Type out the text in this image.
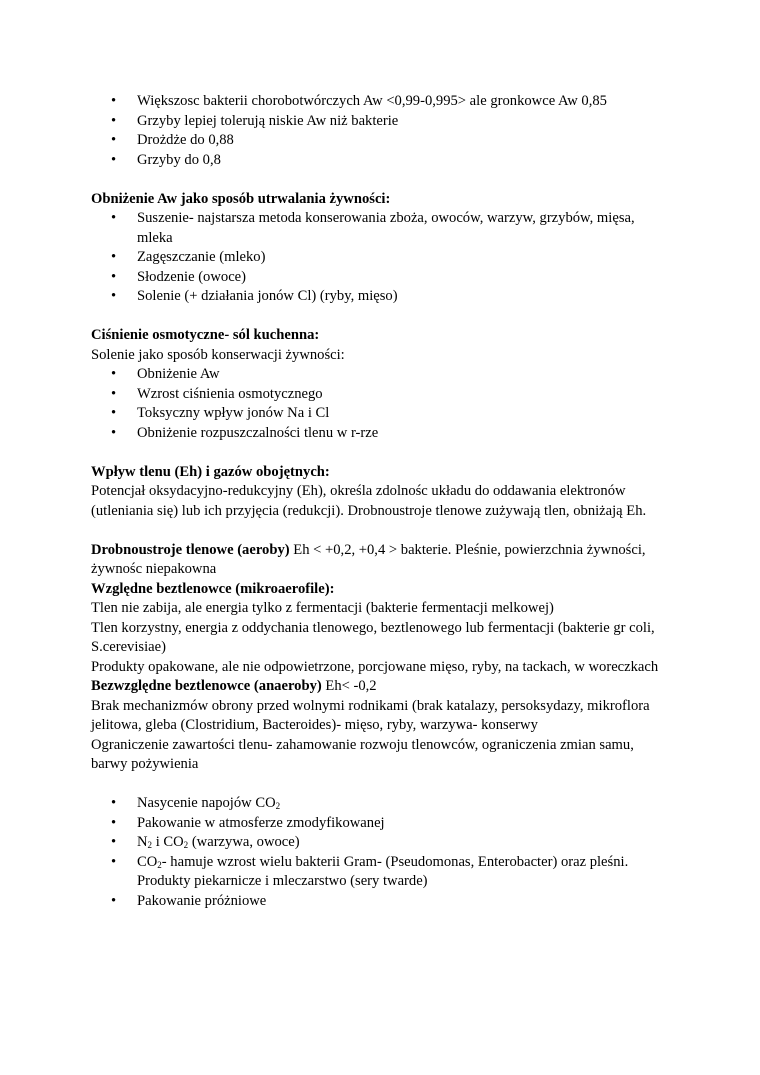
• Większosc bakterii chorobotwórczych Aw <0,99-0,995> ale gronkowce Aw 0,85
• Grzyby lepiej tolerują niskie Aw niż bakterie
• Drożdże do 0,88
• Grzyby do 0,8

Obniżenie Aw jako sposób utrwalania żywności:

• Suszenie- najstarsza metoda konserowania zboża, owoców, warzyw, grzybów, mięsa, mleka
• Zagęszczanie (mleko)
• Słodzenie (owoce)
• Solenie (+ działania jonów Cl) (ryby, mięso)

Ciśnienie osmotyczne- sól kuchenna:

Solenie jako sposób konserwacji żywności:

• Obniżenie Aw
• Wzrost ciśnienia osmotycznego
• Toksyczny wpływ jonów Na i Cl
• Obniżenie rozpuszczalności tlenu w r-rze

Wpływ tlenu (Eh) i gazów obojętnych:

Potencjał oksydacyjno-redukcyjny (Eh), określa zdolnośc układu do oddawania elektronów (utleniania się) lub ich przyjęcia (redukcji). Drobnoustroje tlenowe zużywają tlen, obniżają Eh.

Drobnoustroje tlenowe (aeroby) Eh < +0,2, +0,4 > bakterie. Pleśnie, powierzchnia żywności, żywnośc niepakowna

Względne beztlenowce (mikroaerofile):

Tlen nie zabija, ale energia tylko z fermentacji (bakterie fermentacji melkowej)

Tlen korzystny, energia z oddychania tlenowego, beztlenowego lub fermentacji (bakterie gr coli, S.cerevisiae)

Produkty opakowane, ale nie odpowietrzone, porcjowane mięso, ryby, na tackach, w woreczkach

Bezwzględne beztlenowce (anaeroby) Eh< -0,2

Brak mechanizmów obrony przed wolnymi rodnikami (brak katalazy, persoksydazy, mikroflora jelitowa, gleba (Clostridium, Bacteroides)- mięso, ryby, warzywa- konserwy

Ograniczenie zawartości tlenu- zahamowanie rozwoju tlenowców, ograniczenia zmian samu, barwy pożywienia

• Nasycenie napojów $CO_2$
• Pakowanie w atmosferze zmodyfikowanej
• $N_2$ i $CO_2$ (warzywa, owoce)
• $CO_2-$ hamuje wzrost wielu bakterii Gram- (Pseudomonas, Enterobacter) oraz pleśni. Produkty piekarnicze i mleczarstwo (sery twarde)
• Pakowanie próżniowe
